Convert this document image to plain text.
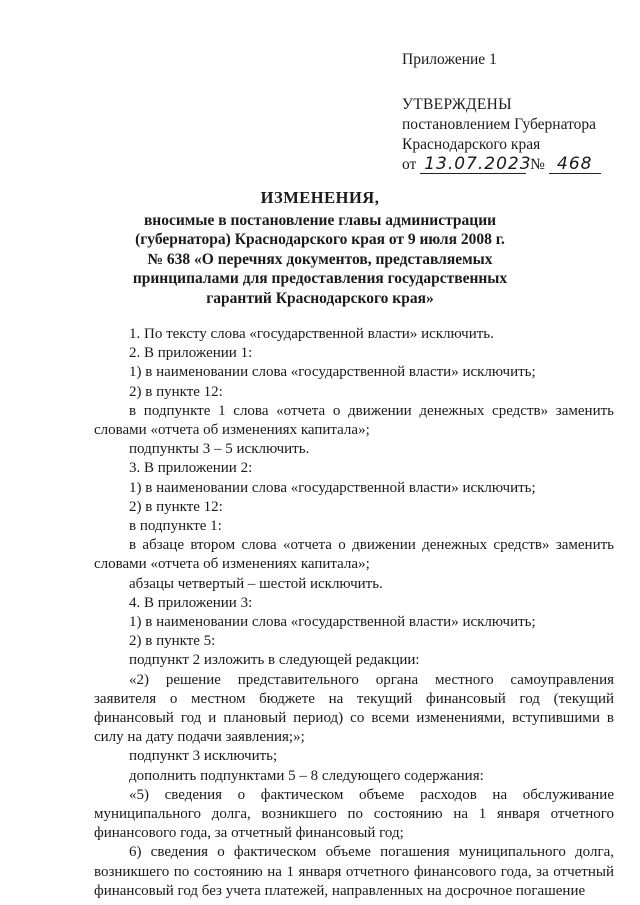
Приложение 1
УТВЕРЖДЕНЫ
постановлением Губернатора
Краснодарского края
от 13.07.2023 № 468
ИЗМЕНЕНИЯ,
вносимые в постановление главы администрации
(губернатора) Краснодарского края от 9 июля 2008 г.
№ 638 «О перечнях документов, представляемых
принципалами для предоставления государственных
гарантий Краснодарского края»

1. По тексту слова «государственной власти» исключить.

2. В приложении 1:

1) в наименовании слова «государственной власти» исключить;

2) в пункте 12:

в подпункте 1 слова «отчета о движении денежных средств» заменить словами «отчета об изменениях капитала»;

подпункты 3 – 5 исключить.

3. В приложении 2:

1) в наименовании слова «государственной власти» исключить;

2) в пункте 12:

в подпункте 1:

в абзаце втором слова «отчета о движении денежных средств» заменить словами «отчета об изменениях капитала»;

абзацы четвертый – шестой исключить.

4. В приложении 3:

1) в наименовании слова «государственной власти» исключить;

2) в пункте 5:

подпункт 2 изложить в следующей редакции:

«2) решение представительного органа местного самоуправления заявителя о местном бюджете на текущий финансовый год (текущий финансовый год и плановый период) со всеми изменениями, вступившими в силу на дату подачи заявления;»;

подпункт 3 исключить;

дополнить подпунктами 5 – 8 следующего содержания:

«5) сведения о фактическом объеме расходов на обслуживание муниципального долга, возникшего по состоянию на 1 января отчетного финансового года, за отчетный финансовый год;

6) сведения о фактическом объеме погашения муниципального долга, возникшего по состоянию на 1 января отчетного финансового года, за отчетный финансовый год без учета платежей, направленных на досрочное погашение
